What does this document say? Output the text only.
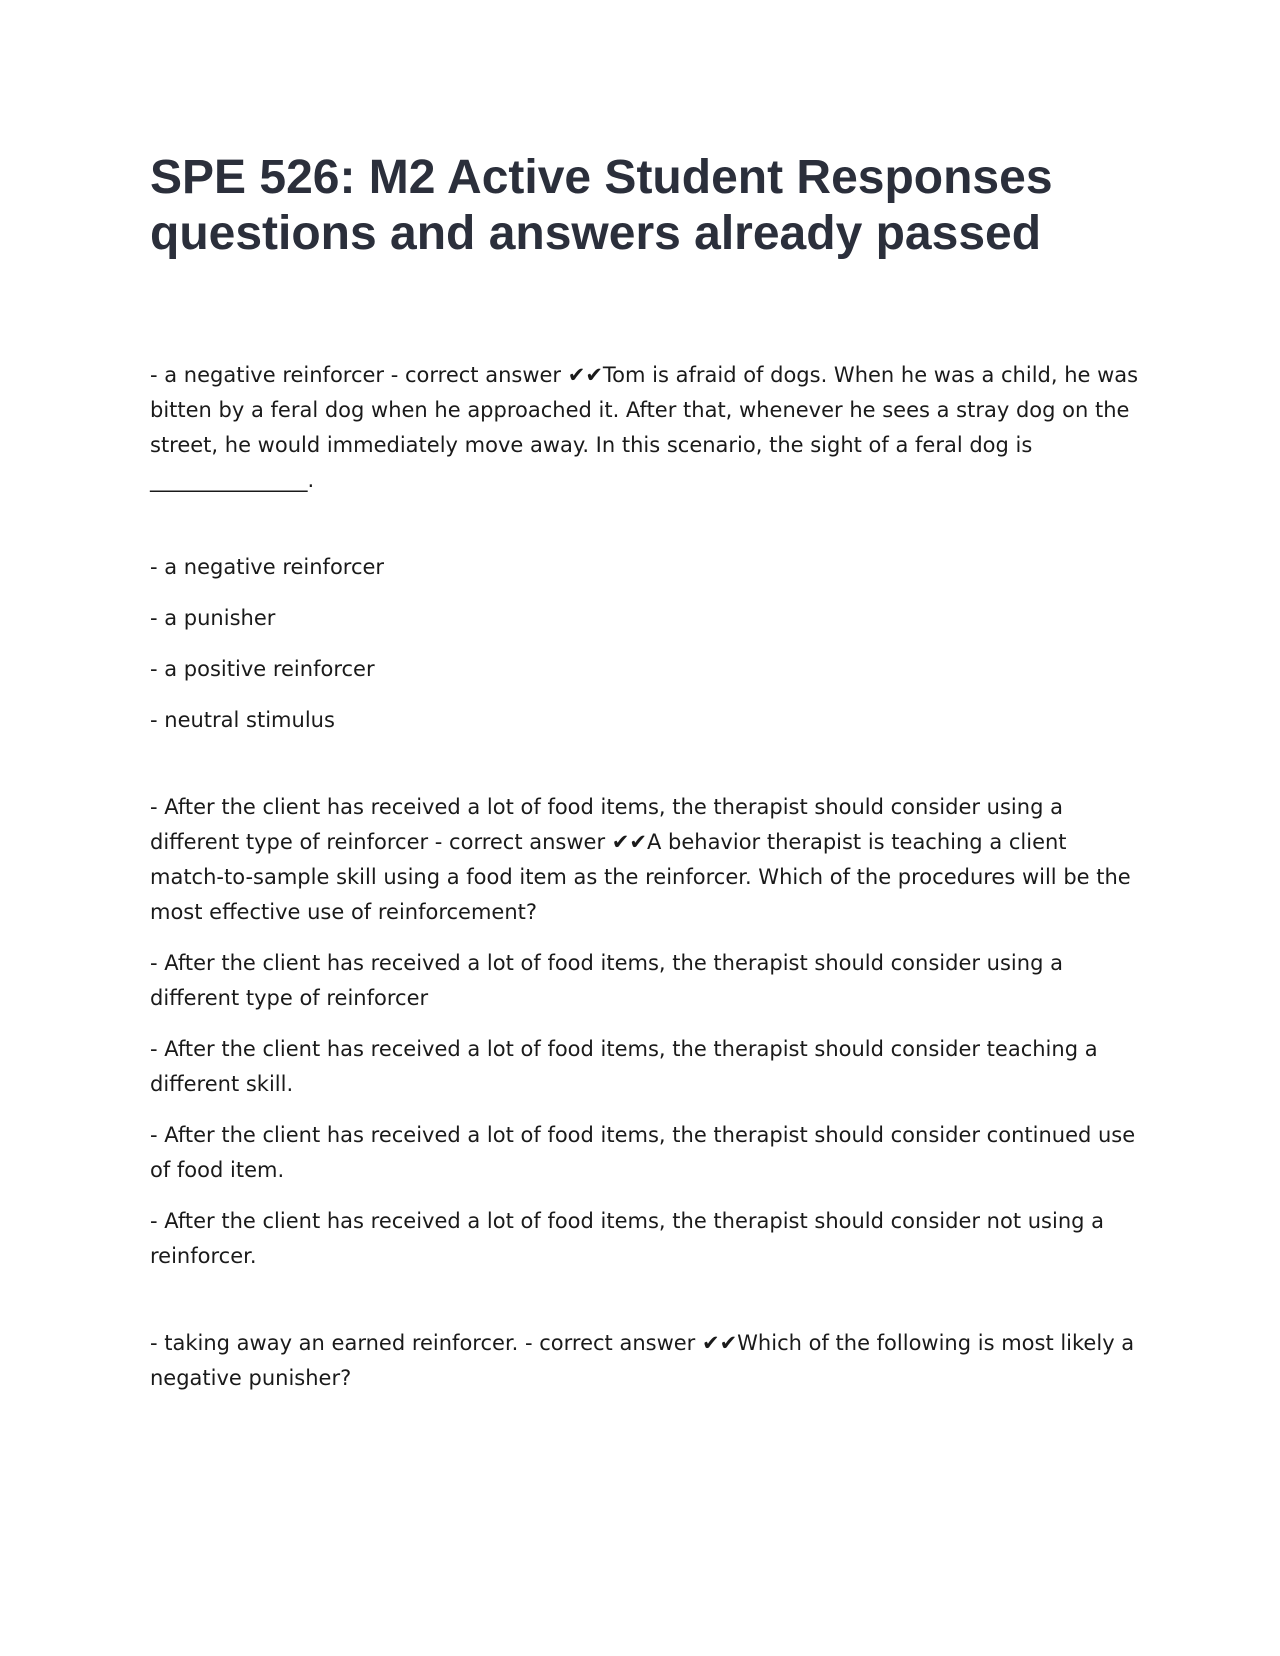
SPE 526: M2 Active Student Responses questions and answers already passed
- a negative reinforcer - correct answer ✔✔Tom is afraid of dogs. When he was a child, he was bitten by a feral dog when he approached it. After that, whenever he sees a stray dog on the street, he would immediately move away. In this scenario, the sight of a feral dog is _______________.
- a negative reinforcer
- a punisher
- a positive reinforcer
- neutral stimulus
- After the client has received a lot of food items, the therapist should consider using a different type of reinforcer - correct answer ✔✔A behavior therapist is teaching a client match-to-sample skill using a food item as the reinforcer. Which of the procedures will be the most effective use of reinforcement?
- After the client has received a lot of food items, the therapist should consider using a different type of reinforcer
- After the client has received a lot of food items, the therapist should consider teaching a different skill.
- After the client has received a lot of food items, the therapist should consider continued use of food item.
- After the client has received a lot of food items, the therapist should consider not using a reinforcer.
- taking away an earned reinforcer. - correct answer ✔✔Which of the following is most likely a negative punisher?
